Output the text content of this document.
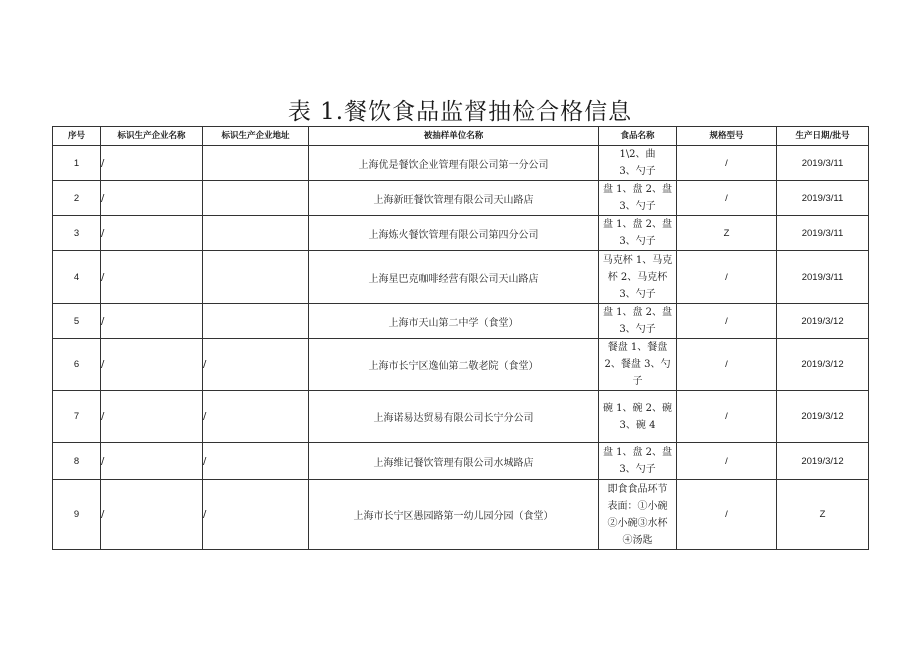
表 1.餐饮食品监督抽检合格信息
序号	标识生产企业名称	标识生产企业地址	被抽样单位名称	食品名称	规格型号	生产日期/批号
1	/		上海优是餐饮企业管理有限公司第一分公司	1\2、曲
3、勺子	/	2019/3/11
2	/		上海新旺餐饮管理有限公司天山路店	盘 1、盘 2、盘
3、勺子	/	2019/3/11
3	/		上海炼火餐饮管理有限公司第四分公司	盘 1、盘 2、盘
3、勺子	Z	2019/3/11
4	/		上海星巴克咖啡经营有限公司天山路店	马克杯 1、马克
杯 2、马克杯
3、勺子	/	2019/3/11
5	/		上海市天山第二中学（食堂）	盘 1、盘 2、盘
3、勺子	/	2019/3/12
6	/	/	上海市长宁区逸仙第二敬老院（食堂）	餐盘 1、餐盘
2、餐盘 3、勺
子	/	2019/3/12
7	/	/	上海诺易达贸易有限公司长宁分公司	碗 1、碗 2、碗
3、碗 4	/	2019/3/12
8	/	/	上海维记餐饮管理有限公司水城路店	盘 1、盘 2、盘
3、勺子	/	2019/3/12
9	/	/	上海市长宁区愚园路第一幼儿园分园（食堂）	即食食品环节
表面：①小碗
②小碗③水杯
④汤匙	/	Z
